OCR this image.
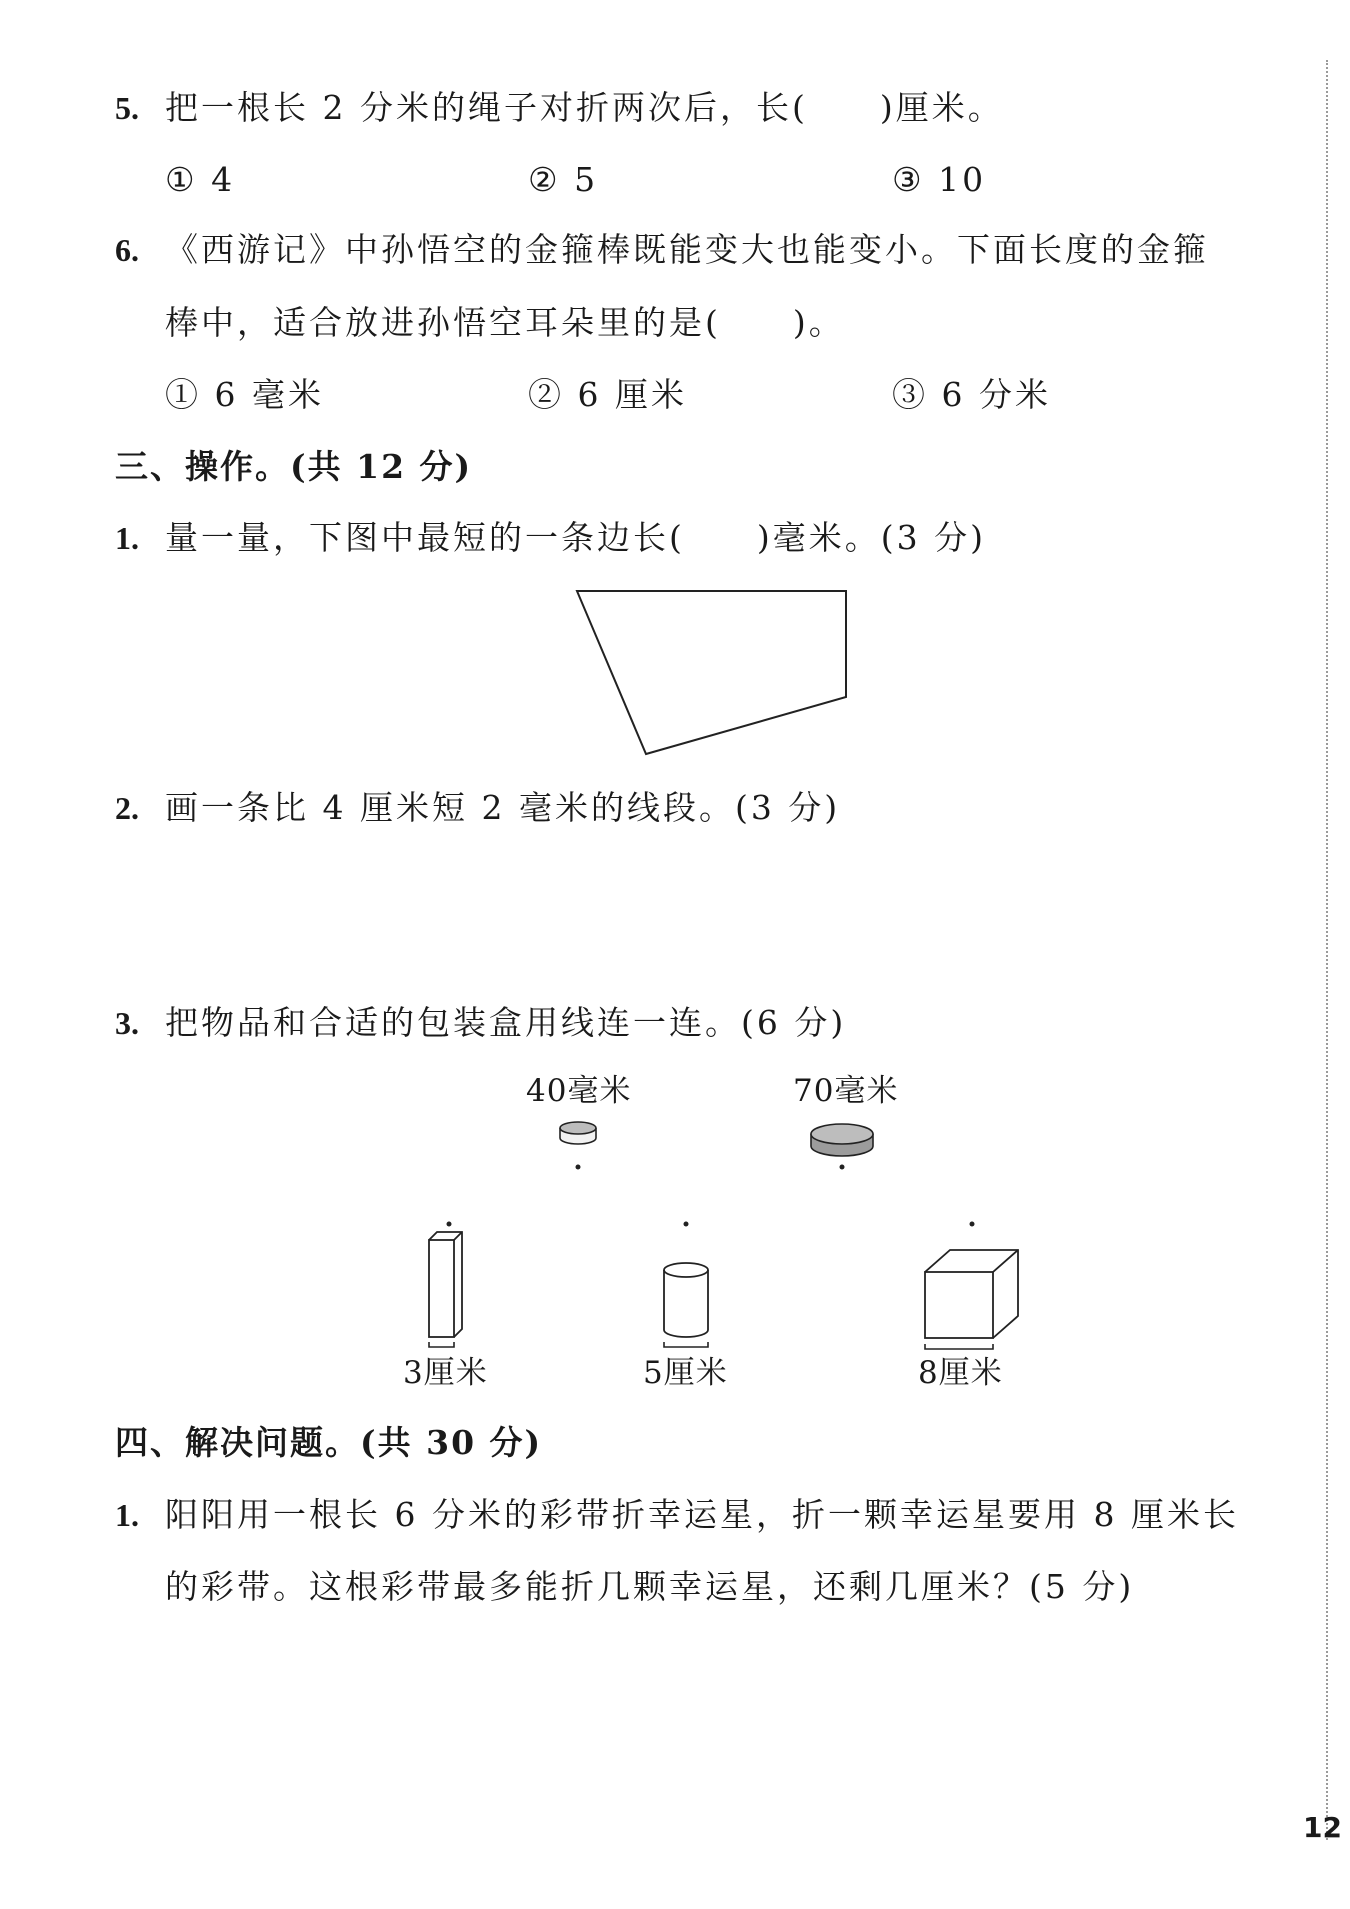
5. 把一根长 2 分米的绳子对折两次后，长(　　)厘米。
① 4	② 5	③ 10
6. 《西游记》中孙悟空的金箍棒既能变大也能变小。下面长度的金箍
棒中，适合放进孙悟空耳朵里的是(　　)。
① 6 毫米	② 6 厘米	③ 6 分米
三、操作。(共 12 分)
1. 量一量，下图中最短的一条边长(　　)毫米。(3 分)
2. 画一条比 4 厘米短 2 毫米的线段。(3 分)
3. 把物品和合适的包装盒用线连一连。(6 分)
40毫米	70毫米
3厘米	5厘米	8厘米
四、解决问题。(共 30 分)
1. 阳阳用一根长 6 分米的彩带折幸运星，折一颗幸运星要用 8 厘米长
的彩带。这根彩带最多能折几颗幸运星，还剩几厘米？(5 分)
12
